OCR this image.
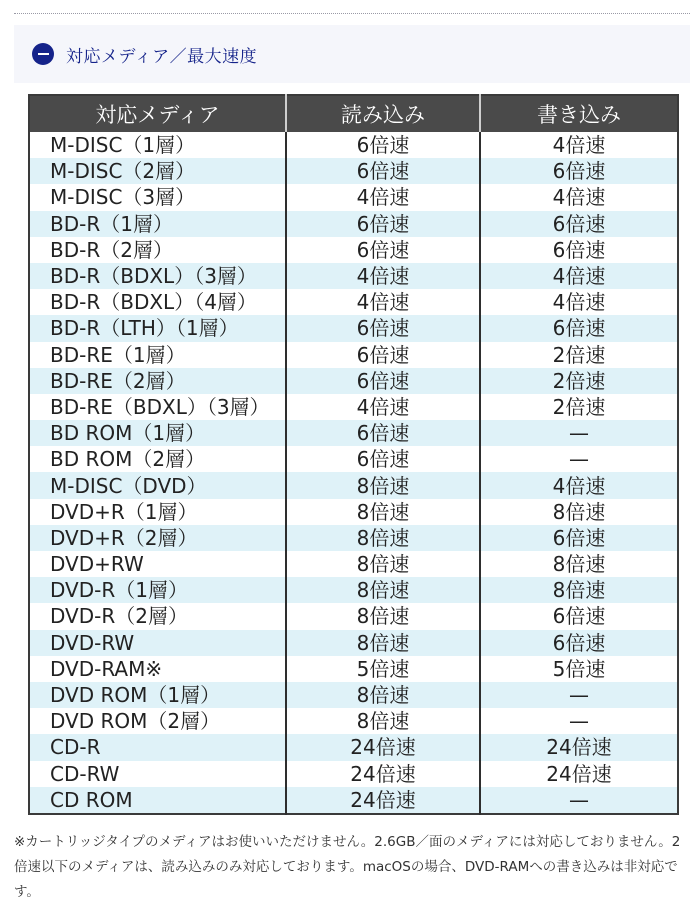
対応メディア／最大速度
対応メディア	読み込み	書き込み
M-DISC（1層）	6倍速	4倍速
M-DISC（2層）	6倍速	6倍速
M-DISC（3層）	4倍速	4倍速
BD-R（1層）	6倍速	6倍速
BD-R（2層）	6倍速	6倍速
BD-R（BDXL）（3層）	4倍速	4倍速
BD-R（BDXL）（4層）	4倍速	4倍速
BD-R（LTH）（1層）	6倍速	6倍速
BD-RE（1層）	6倍速	2倍速
BD-RE（2層）	6倍速	2倍速
BD-RE（BDXL）（3層）	4倍速	2倍速
BD ROM（1層）	6倍速	—
BD ROM（2層）	6倍速	—
M-DISC（DVD）	8倍速	4倍速
DVD+R（1層）	8倍速	8倍速
DVD+R（2層）	8倍速	6倍速
DVD+RW	8倍速	8倍速
DVD-R（1層）	8倍速	8倍速
DVD-R（2層）	8倍速	6倍速
DVD-RW	8倍速	6倍速
DVD-RAM※	5倍速	5倍速
DVD ROM（1層）	8倍速	—
DVD ROM（2層）	8倍速	—
CD-R	24倍速	24倍速
CD-RW	24倍速	24倍速
CD ROM	24倍速	—
※カートリッジタイプのメディアはお使いいただけません。2.6GB／面のメディアには対応しておりません。2倍速以下のメディアは、読み込みのみ対応しております。macOSの場合、DVD-RAMへの書き込みは非対応です。
